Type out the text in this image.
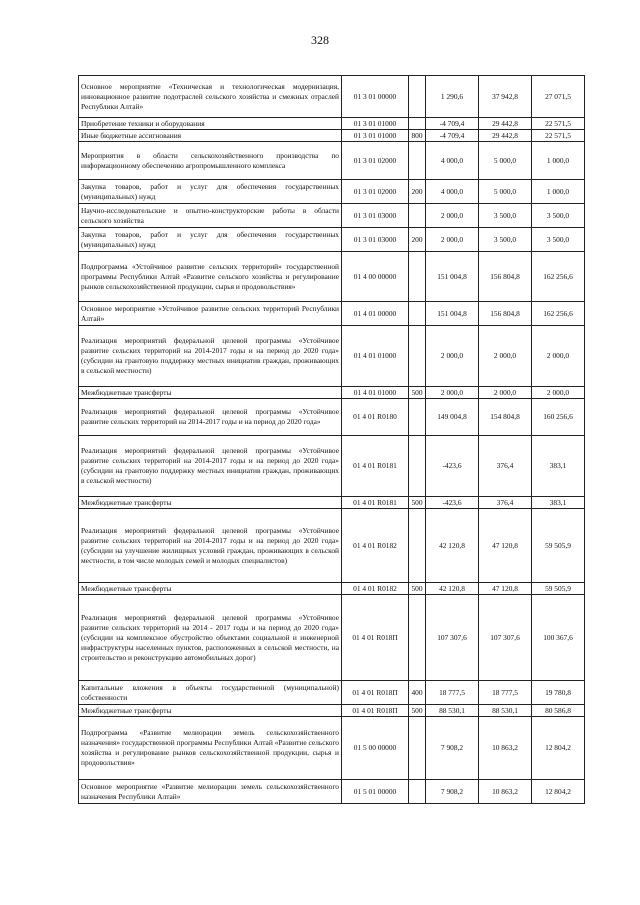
328
Основное мероприятие «Техническая и технологическая модернизация, инновационное развитие подотраслей сельского хозяйства и смежных отраслей Республики Алтай»	01 3 01 00000		1 290,6	37 942,8	27 071,5
Приобретение техники и оборудования	01 3 01 01000		-4 709,4	29 442,8	22 571,5
Иные бюджетные ассигнования	01 3 01 01000	800	-4 709,4	29 442,8	22 571,5
Мероприятия в области сельскохозяйственного производства по информационному обеспечению агропромышленного комплекса	01 3 01 02000		4 000,0	5 000,0	1 000,0
Закупка товаров, работ и услуг для обеспечения государственных (муниципальных) нужд	01 3 01 02000	200	4 000,0	5 000,0	1 000,0
Научно-исследовательские и опытно-конструкторские работы в области сельского хозяйства	01 3 01 03000		2 000,0	3 500,0	3 500,0
Закупка товаров, работ и услуг для обеспечения государственных (муниципальных) нужд	01 3 01 03000	200	2 000,0	3 500,0	3 500,0
Подпрограмма «Устойчивое развитие сельских территорий» государственной программы Республики Алтай «Развитие сельского хозяйства и регулирование рынков сельскохозяйственной продукции, сырья и продовольствия»	01 4 00 00000		151 004,8	156 804,8	162 256,6
Основное мероприятие «Устойчивое развитие сельских территорий Республики Алтай»	01 4 01 00000		151 004,8	156 804,8	162 256,6
Реализация мероприятий федеральной целевой программы «Устойчивое развитие сельских территорий на 2014-2017 годы и на период до 2020 года» (субсидии на грантовую поддержку местных инициатив граждан, проживающих в сельской местности)	01 4 01 01000		2 000,0	2 000,0	2 000,0
Межбюджетные трансферты	01 4 01 01000	500	2 000,0	2 000,0	2 000,0
Реализация мероприятий федеральной целевой программы «Устойчивое развитие сельских территорий на 2014-2017 годы и на период до 2020 года»	01 4 01 R0180		149 004,8	154 804,8	160 256,6
Реализация мероприятий федеральной целевой программы «Устойчивое развитие сельских территорий на 2014-2017 годы и на период до 2020 года» (субсидии на грантовую поддержку местных инициатив граждан, проживающих в сельской местности)	01 4 01 R0181		-423,6	376,4	383,1
Межбюджетные трансферты	01 4 01 R0181	500	-423,6	376,4	383,1
Реализация мероприятий федеральной целевой программы «Устойчивое развитие сельских территорий на 2014-2017 годы и на период до 2020 года» (субсидии на улучшение жилищных условий граждан, проживающих в сельской местности, в том числе молодых семей и молодых специалистов)	01 4 01 R0182		42 120,8	47 120,8	59 505,9
Межбюджетные трансферты	01 4 01 R0182	500	42 120,8	47 120,8	59 505,9
Реализация мероприятий федеральной целевой программы «Устойчивое развитие сельских территорий на 2014 - 2017 годы и на период до 2020 года» (субсидии на комплексное обустройство объектами социальной и инженерной инфраструктуры населенных пунктов, расположенных в сельской местности, на строительство и реконструкцию автомобильных дорог)	01 4 01 R018П		107 307,6	107 307,6	100 367,6
Капитальные вложения в объекты государственной (муниципальной) собственности	01 4 01 R018П	400	18 777,5	18 777,5	19 780,8
Межбюджетные трансферты	01 4 01 R018П	500	88 530,1	88 530,1	80 586,8
Подпрограмма «Развитие мелиорации земель сельскохозяйственного назначения» государственной программы Республики Алтай «Развитие сельского хозяйства и регулирование рынков сельскохозяйственной продукции, сырья и продовольствия»	01 5 00 00000		7 908,2	10 863,2	12 804,2
Основное мероприятие «Развитие мелиорации земель сельскохозяйственного назначения Республики Алтай»	01 5 01 00000		7 908,2	10 863,2	12 804,2
